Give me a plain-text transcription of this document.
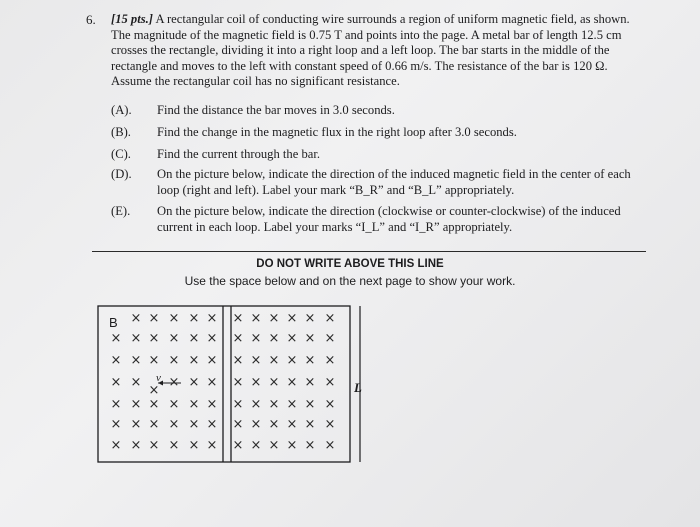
6. [15 pts.] A rectangular coil of conducting wire surrounds a region of uniform magnetic field, as shown. The magnitude of the magnetic field is 0.75 T and points into the page. A metal bar of length 12.5 cm crosses the rectangle, dividing it into a right loop and a left loop. The bar starts in the middle of the rectangle and moves to the left with constant speed of 0.66 m/s. The resistance of the bar is 120 Ω. Assume the rectangular coil has no significant resistance.
(A).	Find the distance the bar moves in 3.0 seconds.
(B).	Find the change in the magnetic flux in the right loop after 3.0 seconds.
(C).	Find the current through the bar.
(D).	On the picture below, indicate the direction of the induced magnetic field in the center of each loop (right and left). Label your mark “B_R” and “B_L” appropriately.
(E).	On the picture below, indicate the direction (clockwise or counter-clockwise) of the induced current in each loop. Label your marks “I_L” and “I_R” appropriately.
DO NOT WRITE ABOVE THIS LINE
Use the space below and on the next page to show your work.
× × × × × × × × × × ×
× × × × × × × × × × × ×
× × × × × × × × × × × ×
× × × × × × × × × × ×
× × × × × × × × × × × ×
× × × × × × × × × × × ×
× × × × × × × × × × × ×
×
B
v
L
